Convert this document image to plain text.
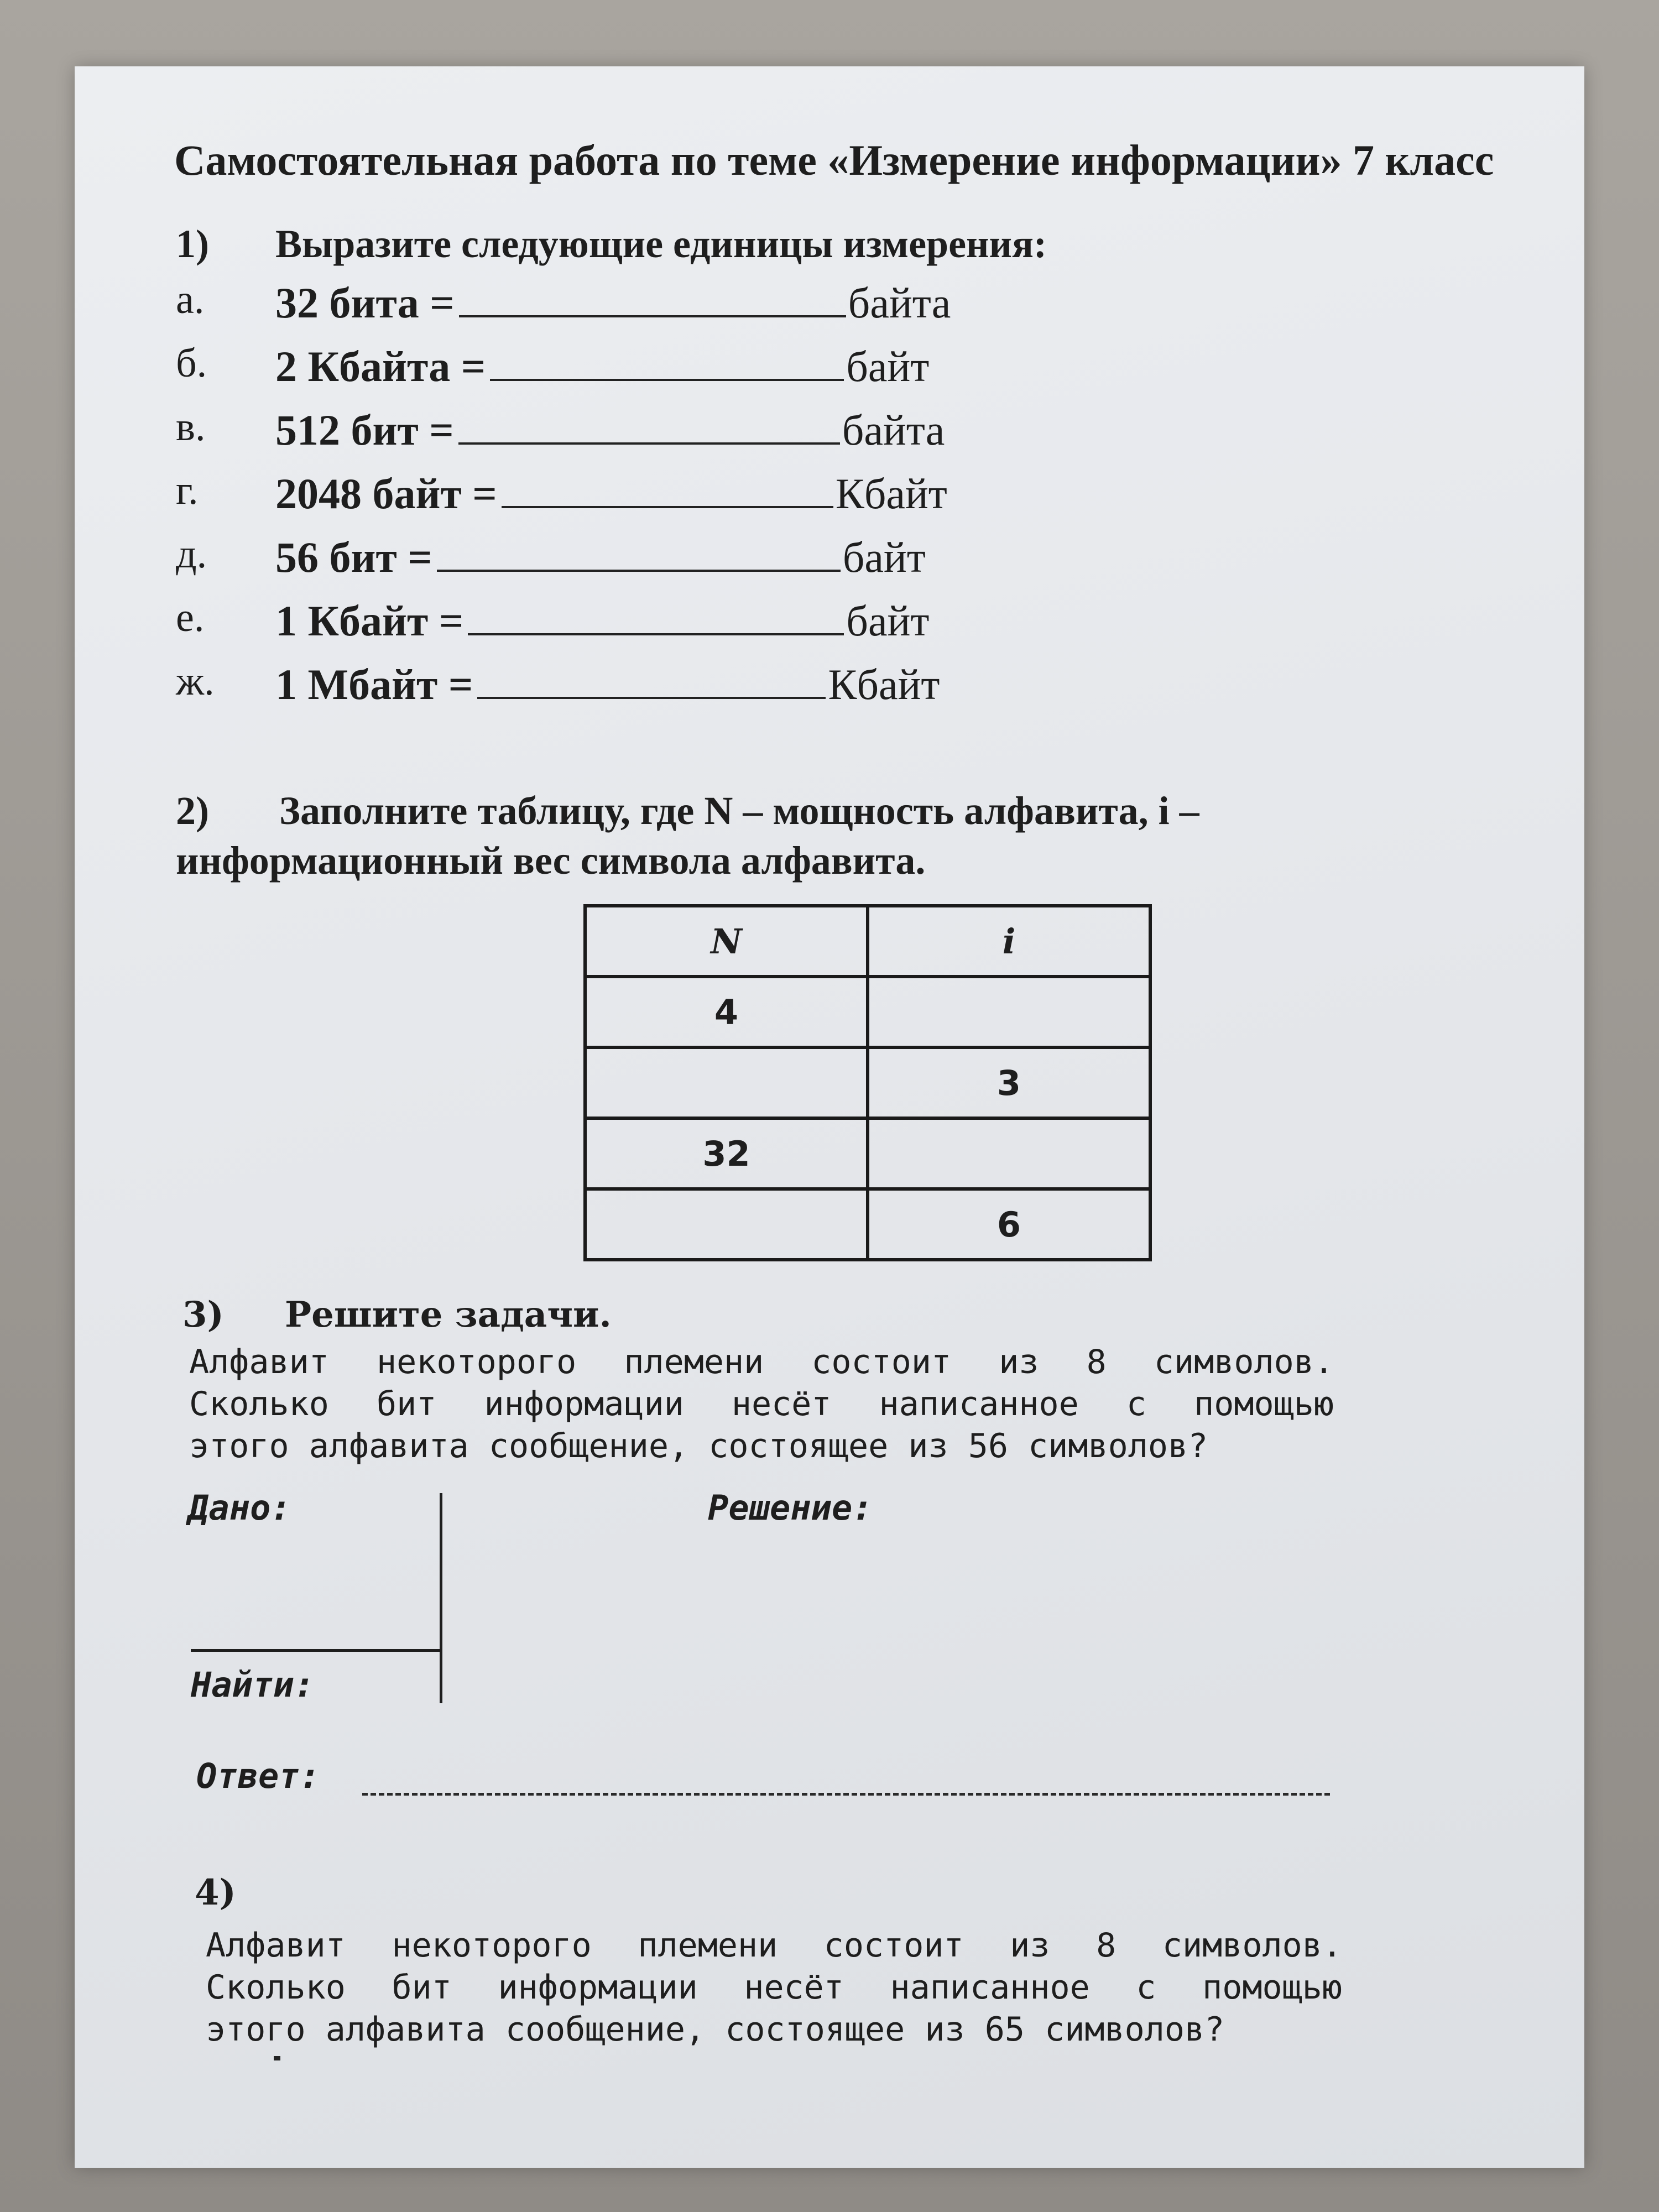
Самостоятельная работа по теме «Измерение информации» 7 класс
1) Выразите следующие единицы измерения:
а. 32 бита =	байта
б. 2 Кбайта =	байт
в. 512 бит =	байта
г. 2048 байт =	Кбайт
д. 56 бит =	байт
е. 1 Кбайт =	байт
ж. 1 Мбайт =	Кбайт
2) Заполните таблицу, где N – мощность алфавита, i –
информационный вес символа алфавита.
N	i
4	
	3
32	
	6
3) Решите задачи.
Алфавит некоторого племени состоит из 8 символов.
Сколько бит информации несёт написанное с помощью
этого алфавита сообщение, состоящее из 56 символов?
Дано:	Решение:
Найти:
Ответ:
4)
Алфавит некоторого племени состоит из 8 символов.
Сколько бит информации несёт написанное с помощью
этого алфавита сообщение, состоящее из 65 символов?
